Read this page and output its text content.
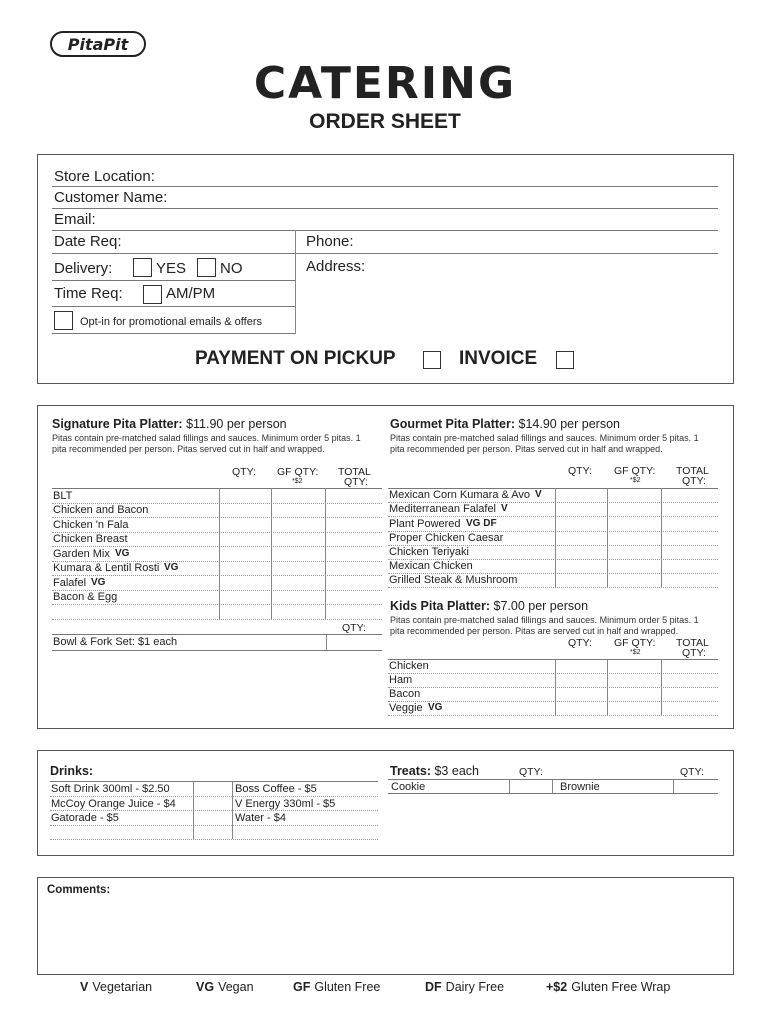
PitaPit
CATERING
ORDER SHEET
Store Location:
Customer Name:
Email:
Date Req:	Phone:
Delivery:	YES NO	Address:
Time Req:	AM/PM
Opt-in for promotional emails & offers
PAYMENT ON PICKUP	INVOICE
Signature Pita Platter: $11.90 per person
Pitas contain pre-matched salad fillings and sauces. Minimum order 5 pitas. 1 pita recommended per person. Pitas served cut in half and wrapped.
QTY: GF QTY:
*$2
TOTAL
QTY:
BLT
Chicken and Bacon
Chicken 'n Fala
Chicken Breast
Garden Mix VG
Kumara & Lentil Rosti VG
Falafel VG
Bacon & Egg
QTY:
Bowl & Fork Set: $1 each
Gourmet Pita Platter: $14.90 per person
Pitas contain pre-matched salad fillings and sauces. Minimum order 5 pitas. 1 pita recommended per person. Pitas served cut in half and wrapped.
QTY: GF QTY:
*$2
TOTAL
QTY:
Mexican Corn Kumara & Avo V
Mediterranean Falafel V
Plant Powered VG DF
Proper Chicken Caesar
Chicken Teriyaki
Mexican Chicken
Grilled Steak & Mushroom
Kids Pita Platter: $7.00 per person
Pitas contain pre-matched salad fillings and sauces. Minimum order 5 pitas. 1 pita recommended per person. Pitas are served cut in half and wrapped.
QTY: GF QTY:
*$2
TOTAL
QTY:
Chicken
Ham
Bacon
Veggie VG
Drinks:
Soft Drink 300ml - $2.50
McCoy Orange Juice - $4
Gatorade - $5
Boss Coffee - $5
V Energy 330ml - $5
Water - $4
Treats: $3 each	QTY:	QTY:
Cookie	Brownie
Comments:
V Vegetarian	VG Vegan	GF Gluten Free	DF Dairy Free	+$2 Gluten Free Wrap
